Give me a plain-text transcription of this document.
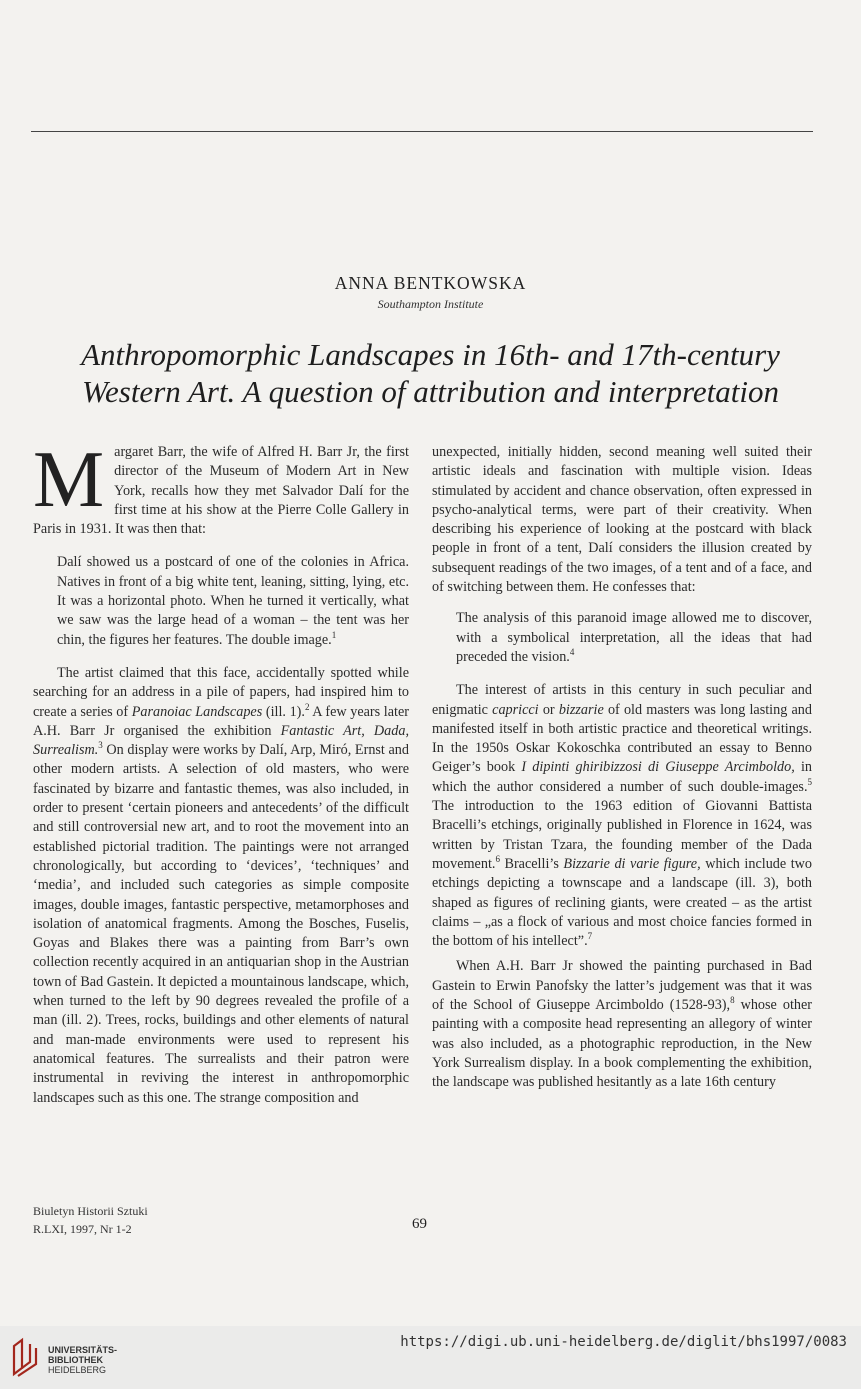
ANNA BENTKOWSKA
Southampton Institute
Anthropomorphic Landscapes in 16th- and 17th-century
Western Art. A question of attribution and interpretation

Margaret Barr, the wife of Alfred H. Barr Jr, the first director of the Museum of Modern Art in New York, recalls how they met Salvador Dalí for the first time at his show at the Pierre Colle Gallery in Paris in 1931. It was then that:

Dalí showed us a postcard of one of the colonies in Africa. Natives in front of a big white tent, leaning, sitting, lying, etc. It was a horizontal photo. When he turned it vertically, what we saw was the large head of a woman – the tent was her chin, the figures her features. The double image.$^1$

The artist claimed that this face, accidentally spotted while searching for an address in a pile of papers, had inspired him to create a series of Paranoiac Landscapes (ill. 1).$^2$ A few years later A.H. Barr Jr organised the exhibition Fantastic Art, Dada, Surrealism.$^3$ On display were works by Dalí, Arp, Miró, Ernst and other modern artists. A selection of old masters, who were fascinated by bizarre and fantastic themes, was also included, in order to present ‘certain pioneers and antecedents’ of the difficult and still controversial new art, and to root the movement into an established pictorial tradition. The paintings were not arranged chronologically, but according to ‘devices’, ‘techniques’ and ‘media’, and included such categories as simple composite images, double images, fantastic perspective, metamorphoses and isolation of anatomical fragments. Among the Bosches, Fuselis, Goyas and Blakes there was a painting from Barr’s own collection recently acquired in an antiquarian shop in the Austrian town of Bad Gastein. It depicted a mountainous landscape, which, when turned to the left by 90 degrees revealed the profile of a man (ill. 2). Trees, rocks, buildings and other elements of natural and man-made environments were used to represent his anatomical features. The surrealists and their patron were instrumental in reviving the interest in anthropomorphic landscapes such as this one. The strange composition and

unexpected, initially hidden, second meaning well suited their artistic ideals and fascination with multiple vision. Ideas stimulated by accident and chance observation, often expressed in psycho-analytical terms, were part of their creativity. When describing his experience of looking at the postcard with black people in front of a tent, Dalí considers the illusion created by subsequent readings of the two images, of a tent and of a face, and of switching between them. He confesses that:

The analysis of this paranoid image allowed me to discover, with a symbolical interpretation, all the ideas that had preceded the vision.$^4$

The interest of artists in this century in such peculiar and enigmatic capricci or bizzarie of old masters was long lasting and manifested itself in both artistic practice and theoretical writings. In the 1950s Oskar Kokoschka contributed an essay to Benno Geiger’s book I dipinti ghiribizzosi di Giuseppe Arcimboldo, in which the author considered a number of such double-images.$^5$ The introduction to the 1963 edition of Giovanni Battista Bracelli’s etchings, originally published in Florence in 1624, was written by Tristan Tzara, the founding member of the Dada movement.$^6$ Bracelli’s Bizzarie di varie figure, which include two etchings depicting a townscape and a landscape (ill. 3), both shaped as figures of reclining giants, were created – as the artist claims – „as a flock of various and most choice fancies formed in the bottom of his intellect”.$^7$

When A.H. Barr Jr showed the painting purchased in Bad Gastein to Erwin Panofsky the latter’s judgement was that it was of the School of Giuseppe Arcimboldo (1528-93),$^8$ whose other painting with a composite head representing an allegory of winter was also included, as a photographic reproduction, in the New York Surrealism display. In a book complementing the exhibition, the landscape was published hesitantly as a late 16th century

Biuletyn Historii Sztuki
R.LXI, 1997, Nr 1-2	69
UNIVERSITÄTS-
BIBLIOTHEK
HEIDELBERG
https://digi.ub.uni-heidelberg.de/diglit/bhs1997/0083
